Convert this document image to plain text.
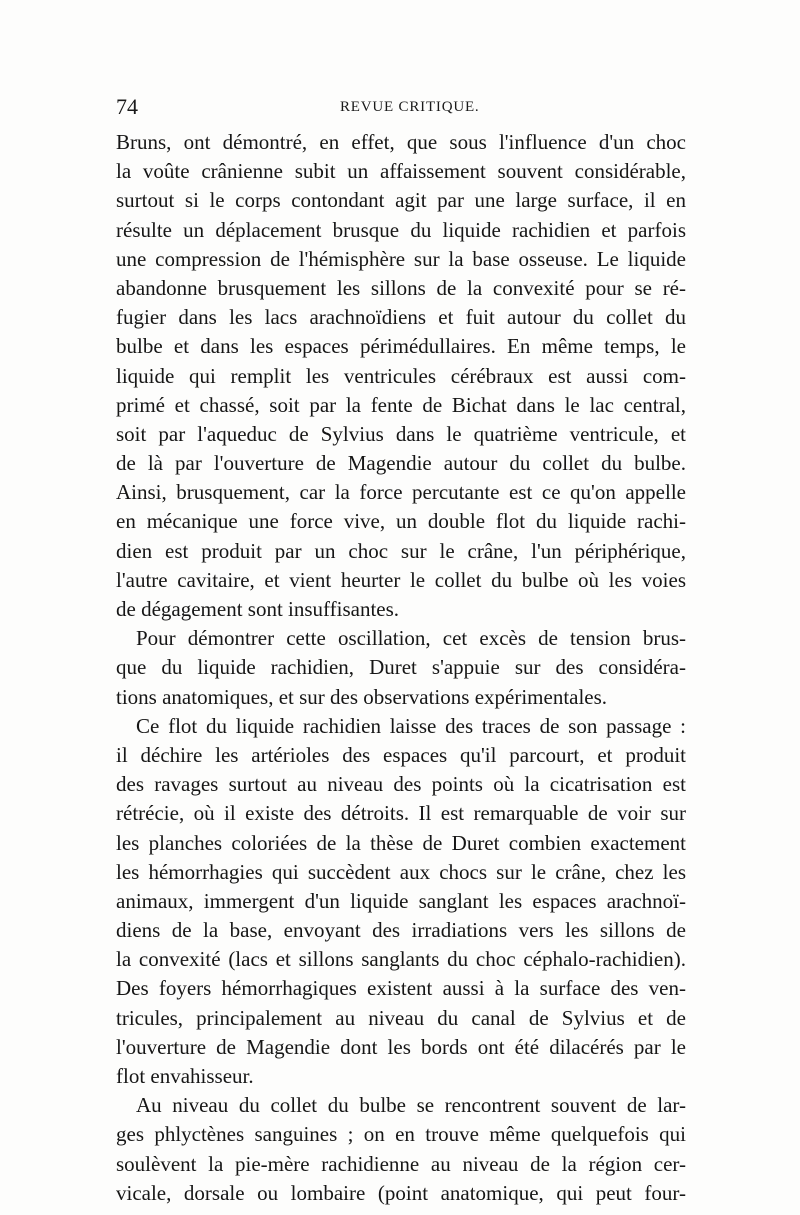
74	REVUE CRITIQUE.
Bruns, ont démontré, en effet, que sous l'influence d'un choc
la voûte crânienne subit un affaissement souvent considérable,
surtout si le corps contondant agit par une large surface, il en
résulte un déplacement brusque du liquide rachidien et parfois
une compression de l'hémisphère sur la base osseuse. Le liquide
abandonne brusquement les sillons de la convexité pour se ré-
fugier dans les lacs arachnoïdiens et fuit autour du collet du
bulbe et dans les espaces périmédullaires. En même temps, le
liquide qui remplit les ventricules cérébraux est aussi com-
primé et chassé, soit par la fente de Bichat dans le lac central,
soit par l'aqueduc de Sylvius dans le quatrième ventricule, et
de là par l'ouverture de Magendie autour du collet du bulbe.
Ainsi, brusquement, car la force percutante est ce qu'on appelle
en mécanique une force vive, un double flot du liquide rachi-
dien est produit par un choc sur le crâne, l'un périphérique,
l'autre cavitaire, et vient heurter le collet du bulbe où les voies
de dégagement sont insuffisantes.
Pour démontrer cette oscillation, cet excès de tension brus-
que du liquide rachidien, Duret s'appuie sur des considéra-
tions anatomiques, et sur des observations expérimentales.
Ce flot du liquide rachidien laisse des traces de son passage :
il déchire les artérioles des espaces qu'il parcourt, et produit
des ravages surtout au niveau des points où la cicatrisation est
rétrécie, où il existe des détroits. Il est remarquable de voir sur
les planches coloriées de la thèse de Duret combien exactement
les hémorrhagies qui succèdent aux chocs sur le crâne, chez les
animaux, immergent d'un liquide sanglant les espaces arachnoï-
diens de la base, envoyant des irradiations vers les sillons de
la convexité (lacs et sillons sanglants du choc céphalo-rachidien).
Des foyers hémorrhagiques existent aussi à la surface des ven-
tricules, principalement au niveau du canal de Sylvius et de
l'ouverture de Magendie dont les bords ont été dilacérés par le
flot envahisseur.
Au niveau du collet du bulbe se rencontrent souvent de lar-
ges phlyctènes sanguines ; on en trouve même quelquefois qui
soulèvent la pie-mère rachidienne au niveau de la région cer-
vicale, dorsale ou lombaire (point anatomique, qui peut four-
